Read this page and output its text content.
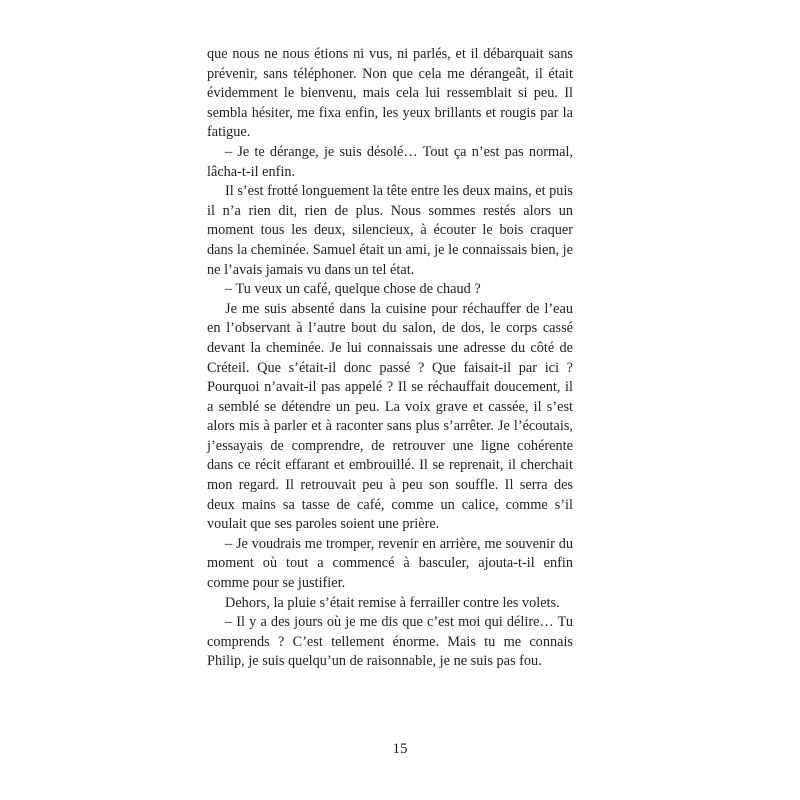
que nous ne nous étions ni vus, ni parlés, et il débarquait sans prévenir, sans téléphoner. Non que cela me dérangeât, il était évidemment le bienvenu, mais cela lui ressemblait si peu. Il sembla hésiter, me fixa enfin, les yeux brillants et rougis par la fatigue.

– Je te dérange, je suis désolé… Tout ça n’est pas normal, lâcha-t-il enfin.

Il s’est frotté longuement la tête entre les deux mains, et puis il n’a rien dit, rien de plus. Nous sommes restés alors un moment tous les deux, silencieux, à écouter le bois craquer dans la cheminée. Samuel était un ami, je le connaissais bien, je ne l’avais jamais vu dans un tel état.

– Tu veux un café, quelque chose de chaud ?

Je me suis absenté dans la cuisine pour réchauffer de l’eau en l’observant à l’autre bout du salon, de dos, le corps cassé devant la cheminée. Je lui connaissais une adresse du côté de Créteil. Que s’était-il donc passé ? Que faisait-il par ici ? Pourquoi n’avait-il pas appelé ? Il se réchauffait doucement, il a semblé se détendre un peu. La voix grave et cassée, il s’est alors mis à parler et à raconter sans plus s’arrêter. Je l’écoutais, j’essayais de comprendre, de retrouver une ligne cohérente dans ce récit effarant et embrouillé. Il se reprenait, il cherchait mon regard. Il retrouvait peu à peu son souffle. Il serra des deux mains sa tasse de café, comme un calice, comme s’il voulait que ses paroles soient une prière.

– Je voudrais me tromper, revenir en arrière, me souvenir du moment où tout a commencé à basculer, ajouta-t-il enfin comme pour se justifier.

Dehors, la pluie s’était remise à ferrailler contre les volets.

– Il y a des jours où je me dis que c’est moi qui délire… Tu comprends ? C’est tellement énorme. Mais tu me connais Philip, je suis quelqu’un de raisonnable, je ne suis pas fou.

15
